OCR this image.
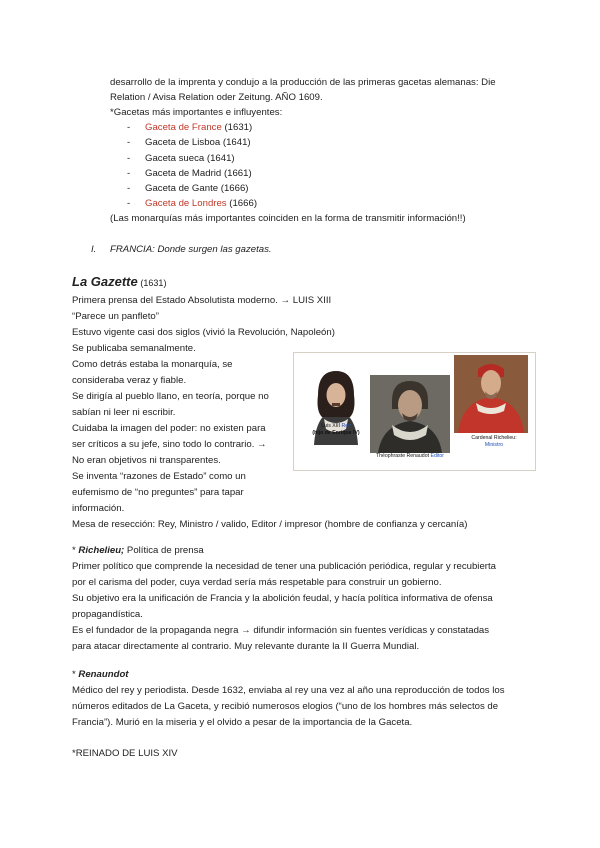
desarrollo de la imprenta y condujo a la producción de las primeras gacetas alemanas: Die
Relation / Avisa Relation oder Zeitung. AÑO 1609.
*Gacetas más importantes e influyentes:
- Gaceta de France (1631)
- Gaceta de Lisboa (1641)
- Gaceta sueca (1641)
- Gaceta de Madrid (1661)
- Gaceta de Gante (1666)
- Gaceta de Londres (1666)
(Las monarquías más importantes coinciden en la forma de transmitir información!!)
I. FRANCIA: Donde surgen las gazetas.
La Gazette (1631)
Primera prensa del Estado Absolutista moderno. → LUIS XIII
“Parece un panfleto”
Estuvo vigente casi dos siglos (vivió la Revolución, Napoleón)
Se publicaba semanalmente.
Como detrás estaba la monarquía, se
consideraba veraz y fiable.
Se dirigía al pueblo llano, en teoría, porque no
sabían ni leer ni escribir.
Cuidaba la imagen del poder: no existen para
ser críticos a su jefe, sino todo lo contrario. →
No eran objetivos ni transparentes.
Se inventa “razones de Estado” como un
eufemismo de “no preguntes” para tapar
información.
Mesa de resección: Rey, Ministro / valido, Editor / impresor (hombre de confianza y cercanía)
Luis XIII Rey
(hijo de Enrique IV)
Théophraste Renaudot Editor
Cardenal Richelieu:
Ministro
* Richelieu; Política de prensa
Primer político que comprende la necesidad de tener una publicación periódica, regular y recubierta
por el carisma del poder, cuya verdad sería más respetable para construir un gobierno.
Su objetivo era la unificación de Francia y la abolición feudal, y hacía política informativa de ofensa
propagandística.
Es el fundador de la propaganda negra → difundir información sin fuentes verídicas y constatadas
para atacar directamente al contrario. Muy relevante durante la II Guerra Mundial.
* Renaundot
Médico del rey y periodista. Desde 1632, enviaba al rey una vez al año una reproducción de todos los
números editados de La Gaceta, y recibió numerosos elogios (“uno de los hombres más selectos de
Francia”). Murió en la miseria y el olvido a pesar de la importancia de la Gaceta.
*REINADO DE LUIS XIV
